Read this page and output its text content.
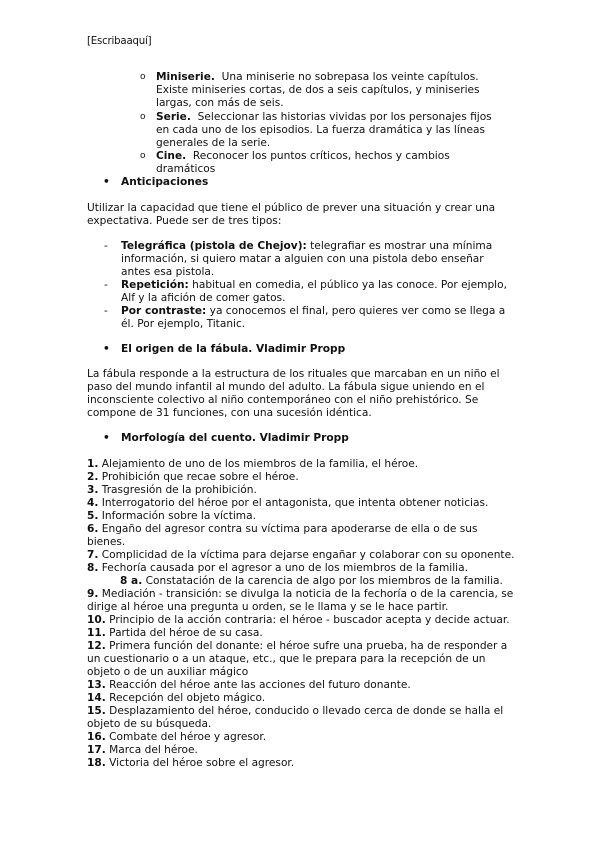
[Escribaaquí]
o Miniserie. Una miniserie no sobrepasa los veinte capítulos. Existe miniseries cortas, de dos a seis capítulos, y miniseries largas, con más de seis.

o Serie. Seleccionar las historias vividas por los personajes fijos en cada uno de los episodios. La fuerza dramática y las líneas generales de la serie.

o Cine. Reconocer los puntos críticos, hechos y cambios dramáticos

• Anticipaciones
Utilizar la capacidad que tiene el público de prever una situación y crear una expectativa. Puede ser de tres tipos:
- Telegráfica (pistola de Chejov): telegrafiar es mostrar una mínima información, si quiero matar a alguien con una pistola debo enseñar antes esa pistola.

- Repetición: habitual en comedia, el público ya las conoce. Por ejemplo, Alf y la afición de comer gatos.

- Por contraste: ya conocemos el final, pero quieres ver como se llega a él. Por ejemplo, Titanic.

• El origen de la fábula. Vladimir Propp
La fábula responde a la estructura de los rituales que marcaban en un niño el paso del mundo infantil al mundo del adulto. La fábula sigue uniendo en el inconsciente colectivo al niño contemporáneo con el niño prehistórico. Se compone de 31 funciones, con una sucesión idéntica.
• Morfología del cuento. Vladimir Propp

1. Alejamiento de uno de los miembros de la familia, el héroe.

2. Prohibición que recae sobre el héroe.

3. Trasgresión de la prohibición.

4. Interrogatorio del héroe por el antagonista, que intenta obtener noticias.

5. Información sobre la víctima.

6. Engaño del agresor contra su víctima para apoderarse de ella o de sus bienes.

7. Complicidad de la víctima para dejarse engañar y colaborar con su oponente.

8. Fechoría causada por el agresor a uno de los miembros de la familia.

8 a. Constatación de la carencia de algo por los miembros de la familia.

9. Mediación - transición: se divulga la noticia de la fechoría o de la carencia, se dirige al héroe una pregunta u orden, se le llama y se le hace partir.

10. Principio de la acción contraria: el héroe - buscador acepta y decide actuar.

11. Partida del héroe de su casa.

12. Primera función del donante: el héroe sufre una prueba, ha de responder a un cuestionario o a un ataque, etc., que le prepara para la recepción de un objeto o de un auxiliar mágico

13. Reacción del héroe ante las acciones del futuro donante.

14. Recepción del objeto mágico.

15. Desplazamiento del héroe, conducido o llevado cerca de donde se halla el objeto de su búsqueda.

16. Combate del héroe y agresor.

17. Marca del héroe.

18. Victoria del héroe sobre el agresor.
